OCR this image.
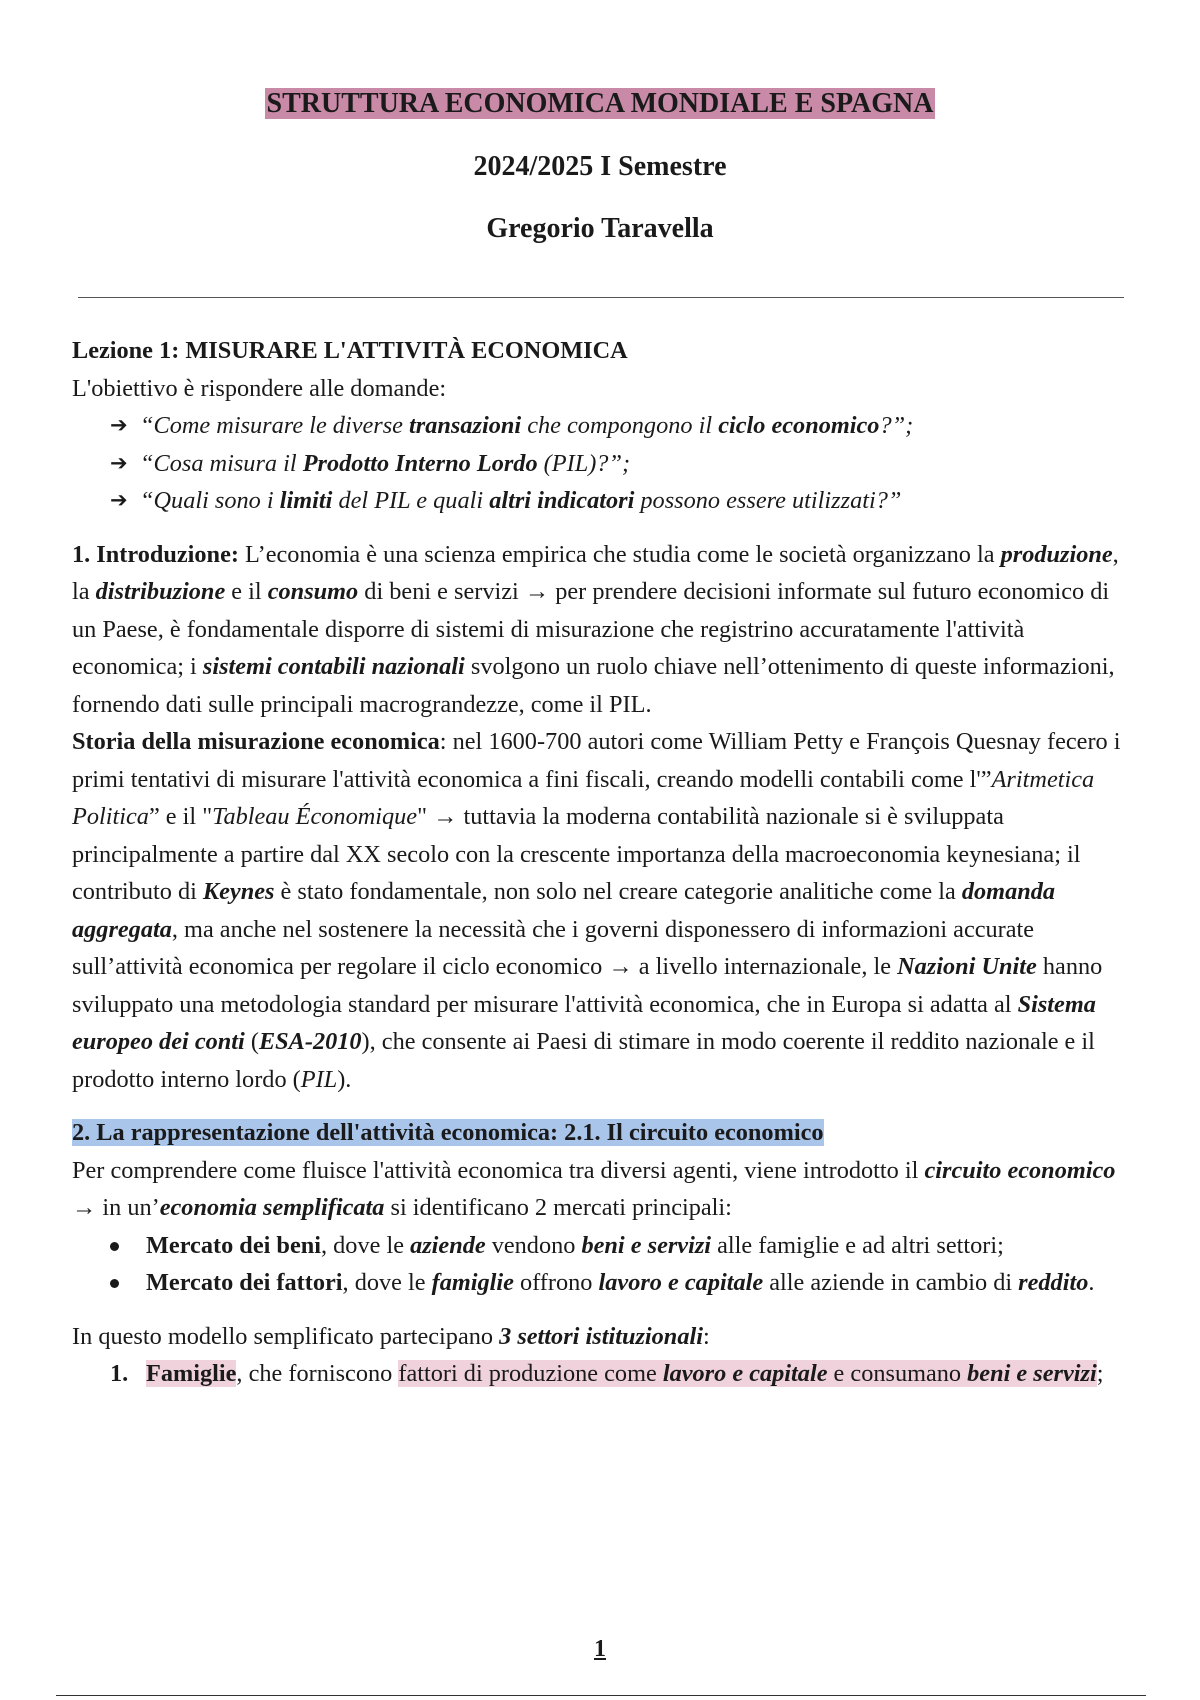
STRUTTURA ECONOMICA MONDIALE E SPAGNA
2024/2025 I Semestre
Gregorio Taravella

Lezione 1: MISURARE L'ATTIVITÀ ECONOMICA

L'obiettivo è rispondere alle domande:

➔ “Come misurare le diverse transazioni che compongono il ciclo economico?”;
➔ “Cosa misura il Prodotto Interno Lordo (PIL)?”;
➔ “Quali sono i limiti del PIL e quali altri indicatori possono essere utilizzati?”

1. Introduzione: L’economia è una scienza empirica che studia come le società organizzano la produzione, la distribuzione e il consumo di beni e servizi → per prendere decisioni informate sul futuro economico di un Paese, è fondamentale disporre di sistemi di misurazione che registrino accuratamente l'attività economica; i sistemi contabili nazionali svolgono un ruolo chiave nell’ottenimento di queste informazioni, fornendo dati sulle principali macrograndezze, come il PIL.

Storia della misurazione economica: nel 1600-700 autori come William Petty e François Quesnay fecero i primi tentativi di misurare l'attività economica a fini fiscali, creando modelli contabili come l'”Aritmetica Politica” e il "Tableau Économique" → tuttavia la moderna contabilità nazionale si è sviluppata principalmente a partire dal XX secolo con la crescente importanza della macroeconomia keynesiana; il contributo di Keynes è stato fondamentale, non solo nel creare categorie analitiche come la domanda aggregata, ma anche nel sostenere la necessità che i governi disponessero di informazioni accurate sull’attività economica per regolare il ciclo economico → a livello internazionale, le Nazioni Unite hanno sviluppato una metodologia standard per misurare l'attività economica, che in Europa si adatta al Sistema europeo dei conti (ESA-2010), che consente ai Paesi di stimare in modo coerente il reddito nazionale e il prodotto interno lordo (PIL).

2. La rappresentazione dell'attività economica: 2.1. Il circuito economico

Per comprendere come fluisce l'attività economica tra diversi agenti, viene introdotto il circuito economico → in un’economia semplificata si identificano 2 mercati principali:

Mercato dei beni, dove le aziende vendono beni e servizi alle famiglie e ad altri settori;
Mercato dei fattori, dove le famiglie offrono lavoro e capitale alle aziende in cambio di reddito.

In questo modello semplificato partecipano 3 settori istituzionali:

1. Famiglie, che forniscono fattori di produzione come lavoro e capitale e consumano beni e servizi;
1
